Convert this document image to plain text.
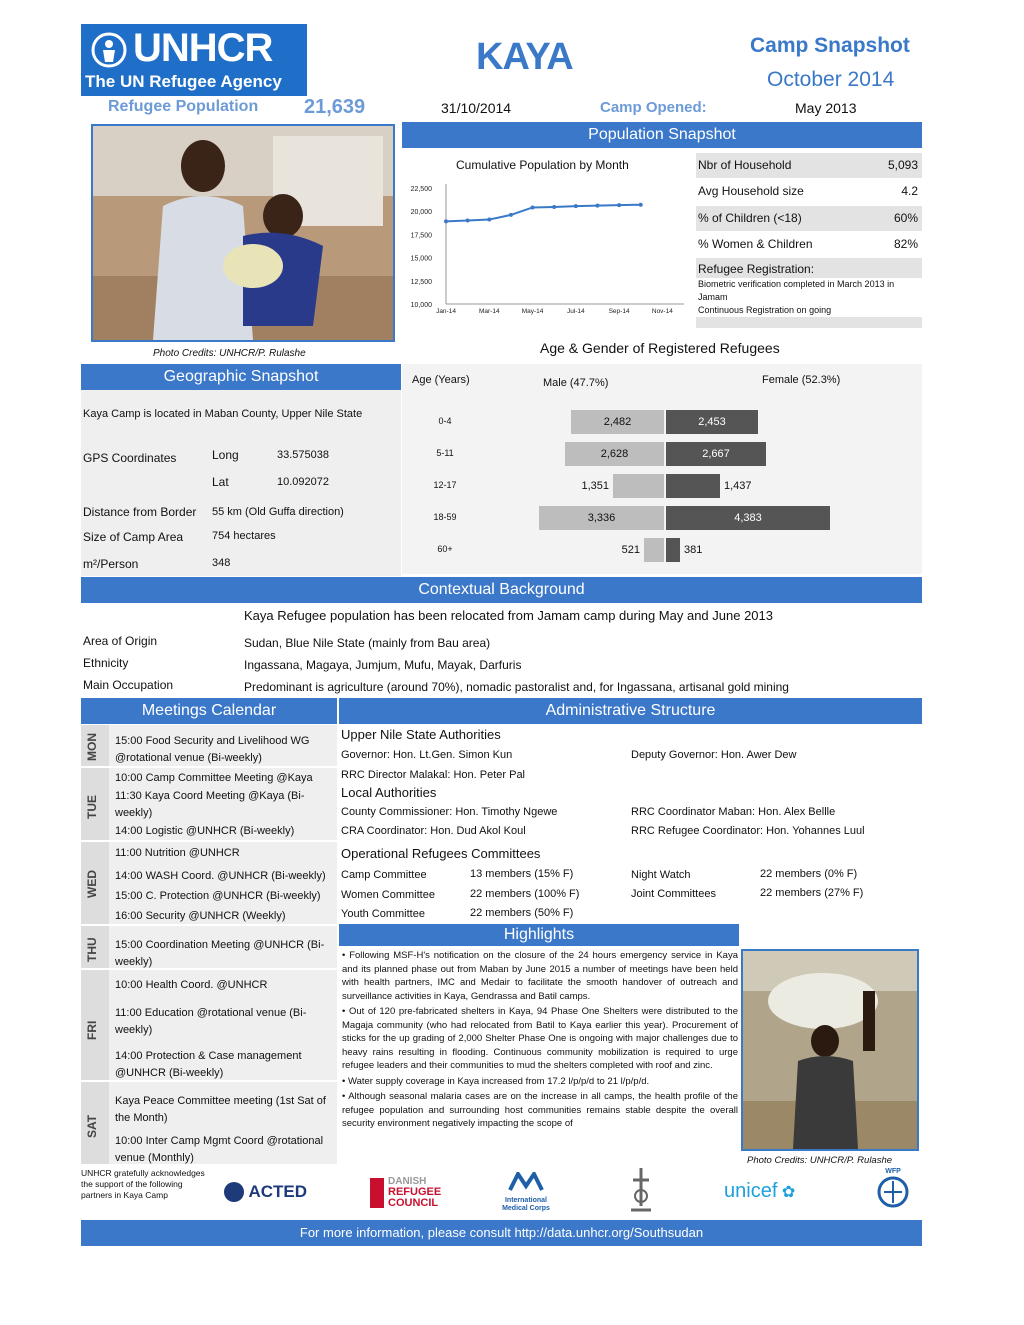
UNHCR
The UN Refugee Agency
KAYA	Camp Snapshot
October 2014
Refugee Population 21,639	31/10/2014	Camp Opened:	May 2013
Photo Credits: UNHCR/P. Rulashe
Population Snapshot
Cumulative Population by Month
10,000
12,500
15,000
17,500
20,000
22,500
Jan-14	Mar-14	May-14	Jul-14	Sep-14	Nov-14
Nbr of Household	5,093
Avg Household size	4.2
% of Children (<18)	60%
% Women & Children	82%
Refugee Registration:
Biometric verification completed in March 2013 in Jamam
Continuous Registration on going
Age & Gender of Registered Refugees
Age (Years)	Male (47.7%)	Female (52.3%)
0-4	2,482	2,453
5-11	2,628	2,667
12-17	1,351	1,437
18-59	3,336	4,383
60+	521	381
Geographic Snapshot
Kaya Camp is located in Maban County, Upper Nile State
GPS Coordinates	Long	33.575038
Lat	10.092072
Distance from Border 55 km (Old Guffa direction)
Size of Camp Area	754 hectares
m²/Person	348
Contextual Background
Kaya Refugee population has been relocated from Jamam camp during May and June 2013
Area of Origin	Sudan, Blue Nile State (mainly from Bau area)
Ethnicity	Ingassana, Magaya, Jumjum, Mufu, Mayak, Darfuris
Main Occupation	Predominant is agriculture (around 70%), nomadic pastoralist and, for Ingassana, artisanal gold mining
Meetings Calendar
MON 15:00 Food Security and Livelihood WG @rotational venue (Bi-weekly)
TUE
10:00 Camp Committee Meeting @Kaya
11:30 Kaya Coord Meeting @Kaya (Bi-weekly)
14:00 Logistic @UNHCR (Bi-weekly)
WED
11:00 Nutrition @UNHCR
14:00 WASH Coord. @UNHCR (Bi-weekly)
15:00 C. Protection @UNHCR (Bi-weekly)
16:00 Security @UNHCR (Weekly)
THU 15:00 Coordination Meeting @UNHCR (Bi-weekly)
FRI
10:00 Health Coord. @UNHCR
11:00 Education @rotational venue (Bi-weekly)
14:00 Protection & Case management @UNHCR (Bi-weekly)
SAT
Kaya Peace Committee meeting (1st Sat of the Month)
10:00 Inter Camp Mgmt Coord @rotational venue (Monthly)
Administrative Structure
Upper Nile State Authorities
Governor: Hon. Lt.Gen. Simon Kun	Deputy Governor: Hon. Awer Dew
RRC Director Malakal: Hon. Peter Pal
Local Authorities
County Commissioner: Hon. Timothy Ngewe	RRC Coordinator Maban: Hon. Alex Bellle
CRA Coordinator: Hon. Dud Akol Koul	RRC Refugee Coordinator: Hon. Yohannes Luul
Operational Refugees Committees
Camp Committee	13 members (15% F)
Women Committee	22 members (100% F)
Youth Committee	22 members (50% F)
Night Watch	22 members (0% F)
Joint Committees	22 members (27% F)
Highlights

• Following MSF-H's notification on the closure of the 24 hours emergency service in Kaya and its planned phase out from Maban by June 2015 a number of meetings have been held with health partners, IMC and Medair to facilitate the smooth handover of outreach and surveillance activities in Kaya, Gendrassa and Batil camps.

• Out of 120 pre-fabricated shelters in Kaya, 94 Phase One Shelters were distributed to the Magaja community (who had relocated from Batil to Kaya earlier this year). Procurement of sticks for the up grading of 2,000 Shelter Phase One is ongoing with major challenges due to heavy rains resulting in flooding. Continuous community mobilization is required to urge refugee leaders and their communities to mud the shelters completed with roof and zinc.

• Water supply coverage in Kaya increased from 17.2 l/p/p/d to 21 l/p/p/d.

• Although seasonal malaria cases are on the increase in all camps, the health profile of the refugee population and surrounding host communities remains stable despite the overall security environment negatively impacting the scope of

Photo Credits: UNHCR/P. Rulashe
UNHCR gratefully acknowledges the support of the following partners in Kaya Camp	ACTED
DANISH
REFUGEE
COUNCIL	International
Medical Corps
unicef ✿
WFP
For more information, please consult http://data.unhcr.org/Southsudan
